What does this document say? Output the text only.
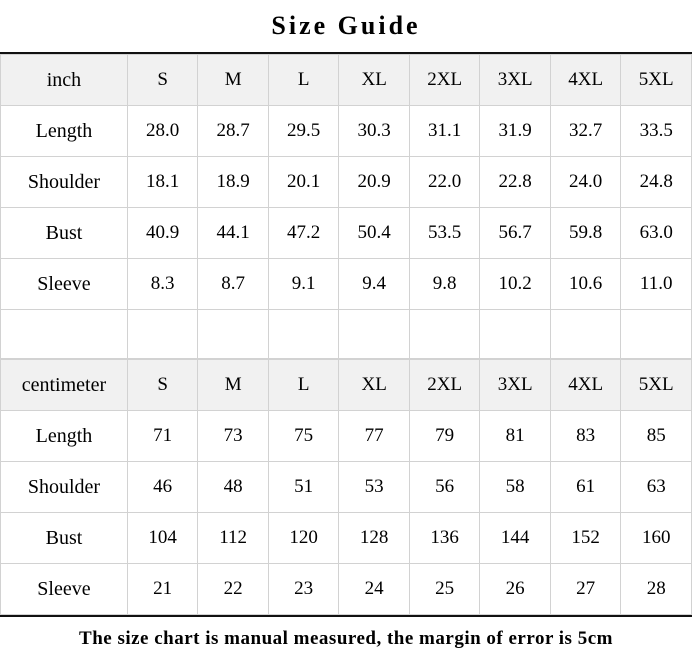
Size Guide
inch	S	M	L	XL	2XL	3XL	4XL	5XL
Length	28.0	28.7	29.5	30.3	31.1	31.9	32.7	33.5
Shoulder	18.1	18.9	20.1	20.9	22.0	22.8	24.0	24.8
Bust	40.9	44.1	47.2	50.4	53.5	56.7	59.8	63.0
Sleeve	8.3	8.7	9.1	9.4	9.8	10.2	10.6	11.0

centimeter	S	M	L	XL	2XL	3XL	4XL	5XL
Length	71	73	75	77	79	81	83	85
Shoulder	46	48	51	53	56	58	61	63
Bust	104	112	120	128	136	144	152	160
Sleeve	21	22	23	24	25	26	27	28
The size chart is manual measured, the margin of error is 5cm
